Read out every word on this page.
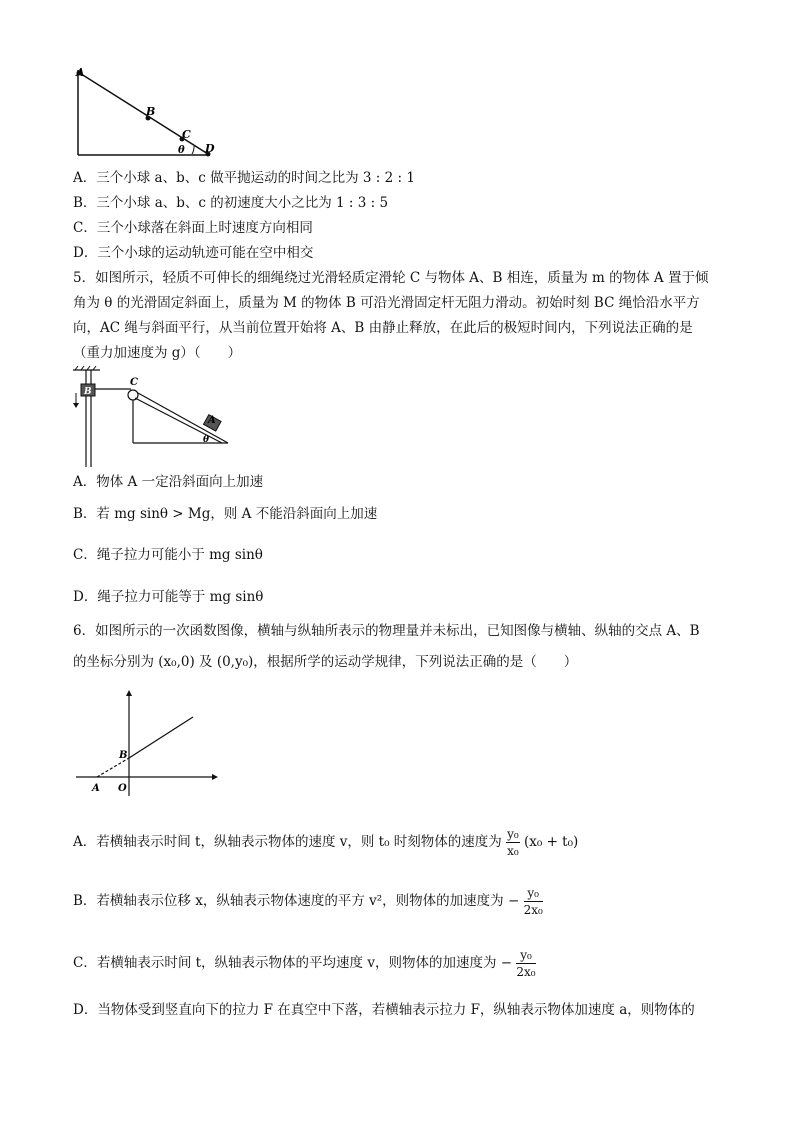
A
B
C
D
θ
A．三个小球 a、b、c 做平抛运动的时间之比为 3 : 2 : 1
B．三个小球 a、b、c 的初速度大小之比为 1 : 3 : 5
C．三个小球落在斜面上时速度方向相同
D．三个小球的运动轨迹可能在空中相交
5．如图所示，轻质不可伸长的细绳绕过光滑轻质定滑轮 C 与物体 A、B 相连，质量为 m 的物体 A 置于倾
角为 θ 的光滑固定斜面上，质量为 M 的物体 B 可沿光滑固定杆无阻力滑动。初始时刻 BC 绳恰沿水平方
向，AC 绳与斜面平行，从当前位置开始将 A、B 由静止释放，在此后的极短时间内，下列说法正确的是
（重力加速度为 g）（　　）
B
C
A
θ
A．物体 A 一定沿斜面向上加速
B．若 mg sinθ > Mg，则 A 不能沿斜面向上加速
C．绳子拉力可能小于 mg sinθ
D．绳子拉力可能等于 mg sinθ
6．如图所示的一次函数图像，横轴与纵轴所表示的物理量并未标出，已知图像与横轴、纵轴的交点 A、B
的坐标分别为 (x₀,0) 及 (0,y₀)，根据所学的运动学规律，下列说法正确的是（　　）
A O
B
A．若横轴表示时间 t，纵轴表示物体的速度 v，则 t₀ 时刻物体的速度为 $\frac{\text{y₀}}{\text{x₀}} (x_0 + t_0)$
B．若横轴表示位移 x，纵轴表示物体速度的平方 v²，则物体的加速度为 − $\frac{\text{y₀}}{\text{2x₀}}$
C．若横轴表示时间 t，纵轴表示物体的平均速度 v，则物体的加速度为 − $\frac{\text{y₀}}{\text{2x₀}}$
D．当物体受到竖直向下的拉力 F 在真空中下落，若横轴表示拉力 F，纵轴表示物体加速度 a，则物体的
